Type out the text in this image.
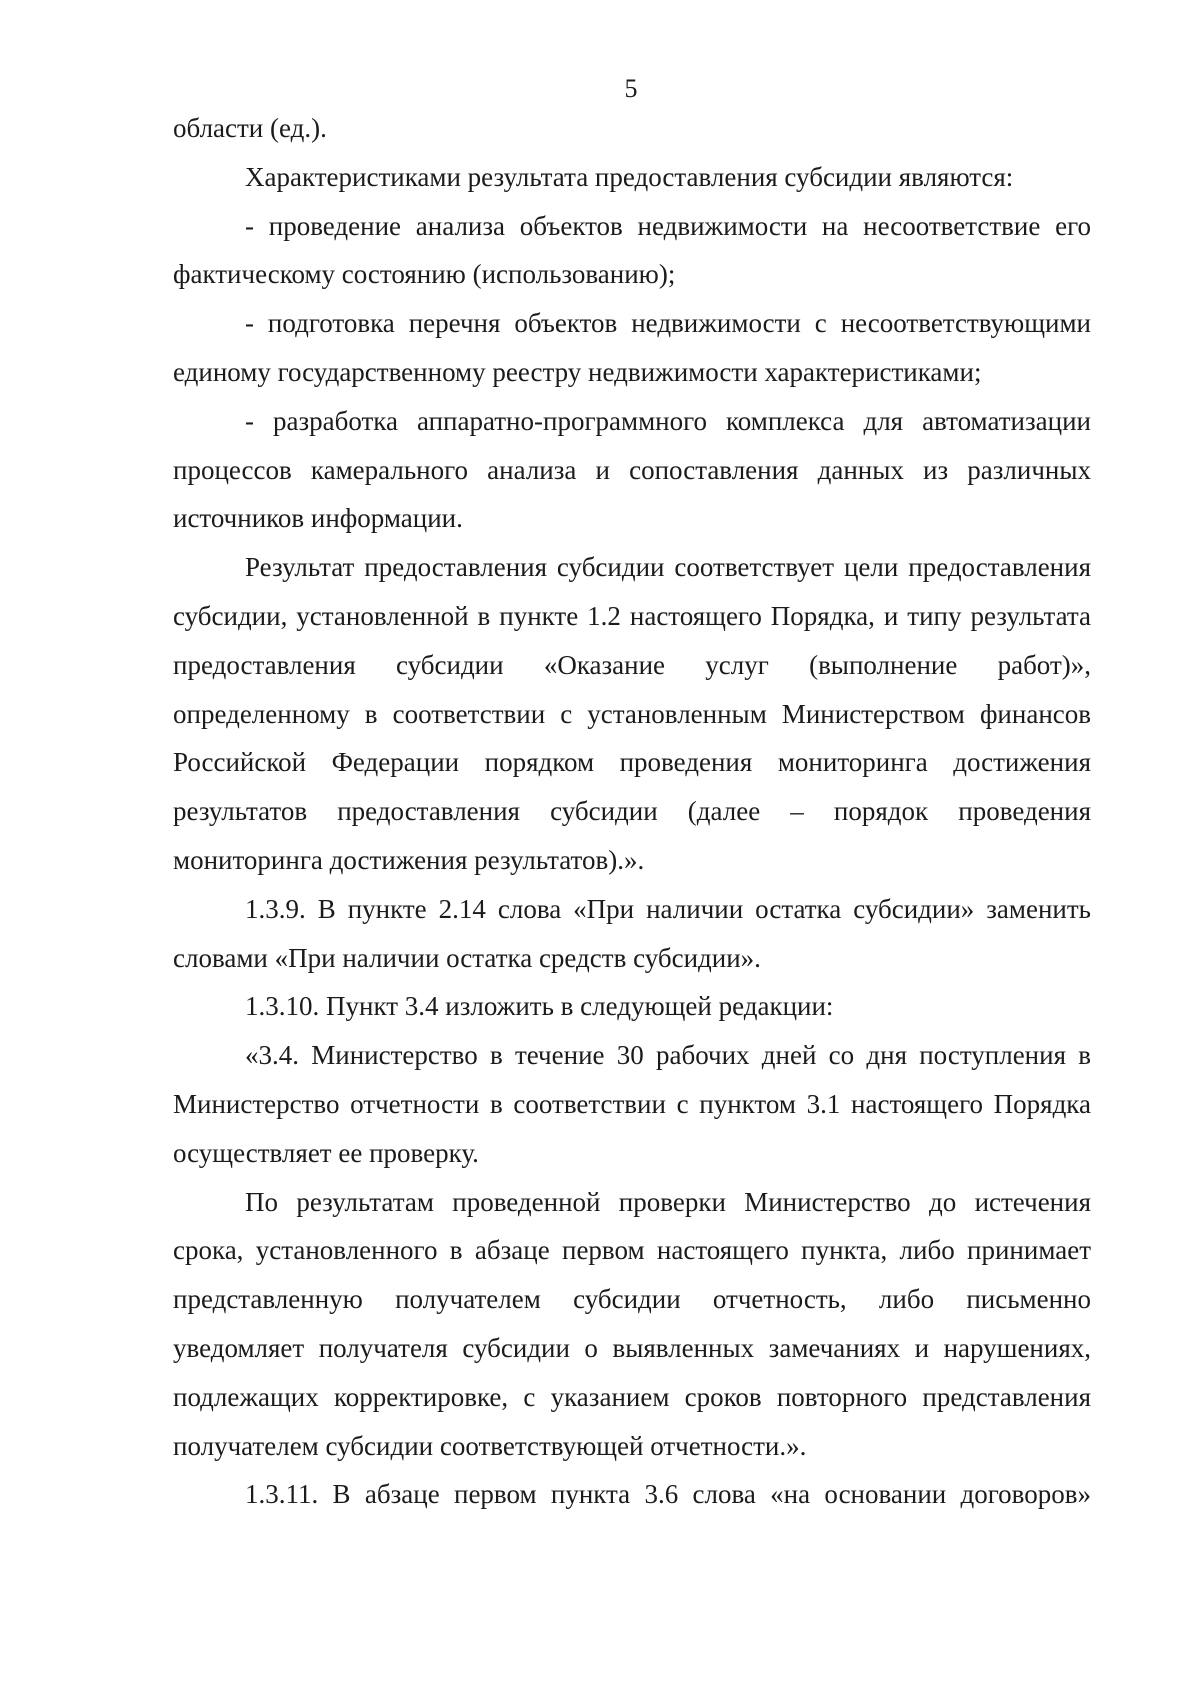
5

области (ед.).

Характеристиками результата предоставления субсидии являются:

- проведение анализа объектов недвижимости на несоответствие его фактическому состоянию (использованию);

- подготовка перечня объектов недвижимости с несоответствующими единому государственному реестру недвижимости характеристиками;

- разработка аппаратно-программного комплекса для автоматизации процессов камерального анализа и сопоставления данных из различных источников информации.

Результат предоставления субсидии соответствует цели предоставления субсидии, установленной в пункте 1.2 настоящего Порядка, и типу результата предоставления субсидии «Оказание услуг (выполнение работ)», определенному в соответствии с установленным Министерством финансов Российской Федерации порядком проведения мониторинга достижения результатов предоставления субсидии (далее – порядок проведения мониторинга достижения результатов).».

1.3.9. В пункте 2.14 слова «При наличии остатка субсидии» заменить словами «При наличии остатка средств субсидии».

1.3.10. Пункт 3.4 изложить в следующей редакции:

«3.4. Министерство в течение 30 рабочих дней со дня поступления в Министерство отчетности в соответствии с пунктом 3.1 настоящего Порядка осуществляет ее проверку.

По результатам проведенной проверки Министерство до истечения срока, установленного в абзаце первом настоящего пункта, либо принимает представленную получателем субсидии отчетность, либо письменно уведомляет получателя субсидии о выявленных замечаниях и нарушениях, подлежащих корректировке, с указанием сроков повторного представления получателем субсидии соответствующей отчетности.».

1.3.11. В абзаце первом пункта 3.6 слова «на основании договоров»
